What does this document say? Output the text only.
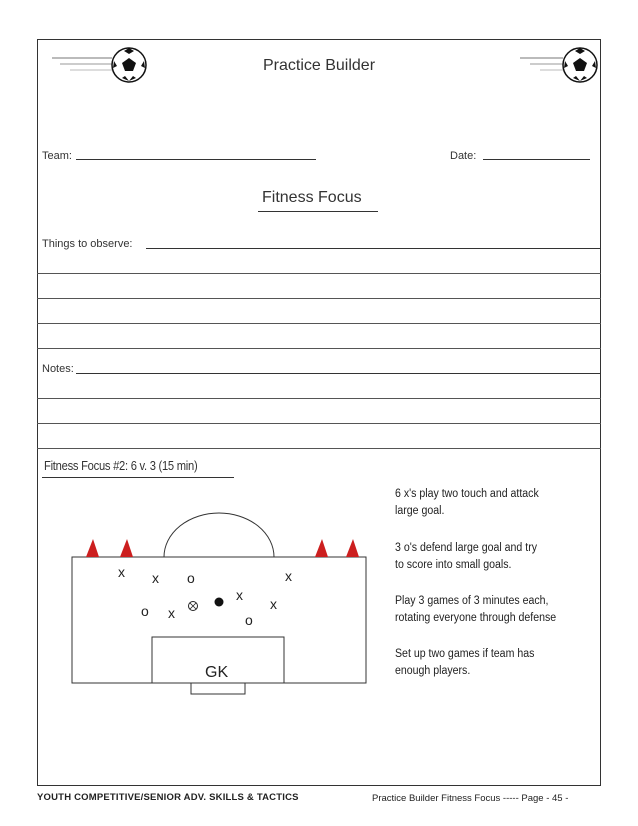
x x	x
x
x
x
o
o
o
GK
Practice Builder
Team:	Date:
Fitness Focus
Things to observe:
Notes:
Fitness Focus #2: 6 v. 3 (15 min)
6 x's play two touch and attack
large goal.
3 o's defend large goal and try
to score into small goals.
Play 3 games of 3 minutes each,
rotating everyone through defense
Set up two games if team has
enough players.
YOUTH COMPETITIVE/SENIOR ADV. SKILLS & TACTICS	Practice Builder Fitness Focus ----- Page - 45 -
